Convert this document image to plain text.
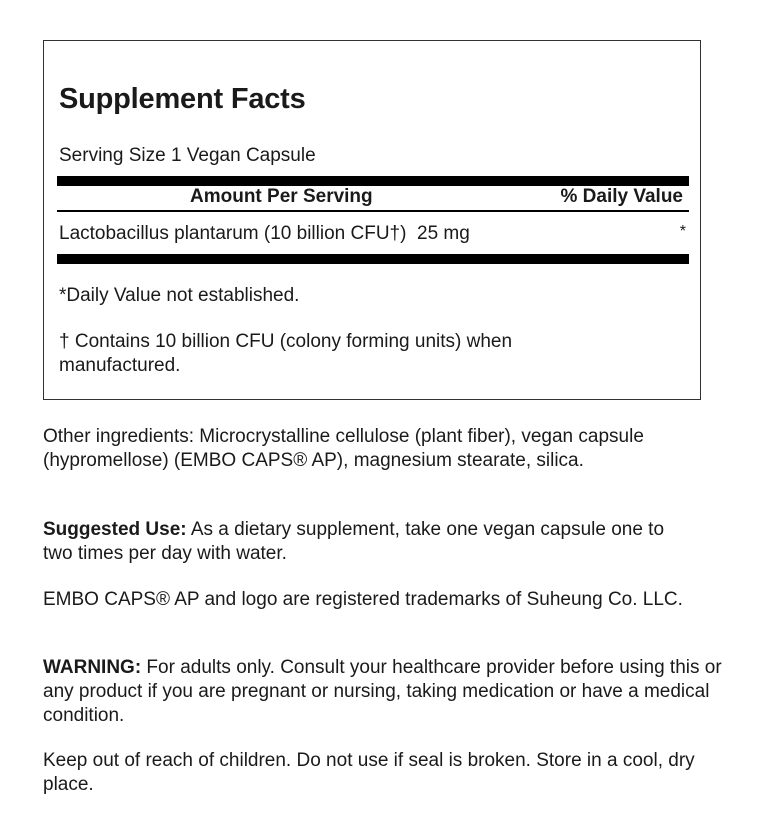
Supplement Facts
Serving Size 1 Vegan Capsule
Amount Per Serving	% Daily Value
Lactobacillus plantarum (10 billion CFU†) 25 mg	*
*Daily Value not established.
† Contains 10 billion CFU (colony forming units) when manufactured.

Other ingredients: Microcrystalline cellulose (plant fiber), vegan capsule (hypromellose) (EMBO CAPS® AP), magnesium stearate, silica.

Suggested Use: As a dietary supplement, take one vegan capsule one to two times per day with water.

EMBO CAPS® AP and logo are registered trademarks of Suheung Co. LLC.

WARNING: For adults only. Consult your healthcare provider before using this or any product if you are pregnant or nursing, taking medication or have a medical condition.

Keep out of reach of children. Do not use if seal is broken. Store in a cool, dry place.
